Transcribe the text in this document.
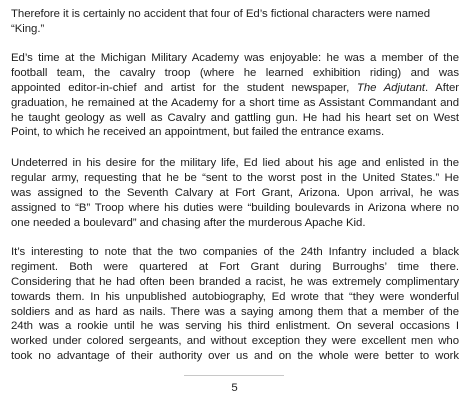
Therefore it is certainly no accident that four of Ed’s fictional characters were named
“King.”
Ed’s time at the Michigan Military Academy was enjoyable: he was a member of the
football team, the cavalry troop (where he learned exhibition riding) and was
appointed editor-in-chief and artist for the student newspaper, The Adjutant. After
graduation, he remained at the Academy for a short time as Assistant Commandant and
he taught geology as well as Cavalry and gattling gun. He had his heart set on West
Point, to which he received an appointment, but failed the entrance exams.
Undeterred in his desire for the military life, Ed lied about his age and enlisted in the
regular army, requesting that he be “sent to the worst post in the United States.” He
was assigned to the Seventh Calvary at Fort Grant, Arizona. Upon arrival, he was
assigned to “B” Troop where his duties were “building boulevards in Arizona where no
one needed a boulevard” and chasing after the murderous Apache Kid.
It’s interesting to note that the two companies of the 24th Infantry included a black
regiment. Both were quartered at Fort Grant during Burroughs’ time there.
Considering that he had often been branded a racist, he was extremely complimentary
towards them. In his unpublished autobiography, Ed wrote that “they were wonderful
soldiers and as hard as nails. There was a saying among them that a member of the
24th was a rookie until he was serving his third enlistment. On several occasions I
worked under colored sergeants, and without exception they were excellent men who
took no advantage of their authority over us and on the whole were better to work
5
